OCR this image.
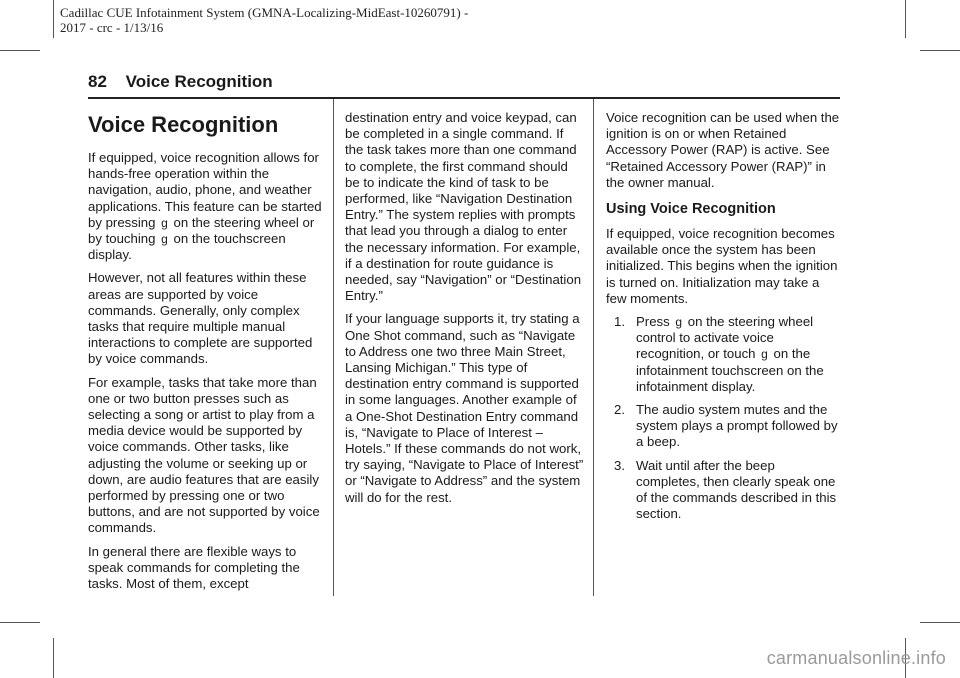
Cadillac CUE Infotainment System (GMNA-Localizing-MidEast-10260791) -
2017 - crc - 1/13/16
82 Voice Recognition
Voice Recognition

If equipped, voice recognition allows for hands-free operation within the navigation, audio, phone, and weather applications. This feature can be started by pressing ɡ on the steering wheel or by touching ɡ on the touchscreen display.

However, not all features within these areas are supported by voice commands. Generally, only complex tasks that require multiple manual interactions to complete are supported by voice commands.

For example, tasks that take more than one or two button presses such as selecting a song or artist to play from a media device would be supported by voice commands. Other tasks, like adjusting the volume or seeking up or down, are audio features that are easily performed by pressing one or two buttons, and are not supported by voice commands.

In general there are flexible ways to speak commands for completing the tasks. Most of them, except

destination entry and voice keypad, can be completed in a single command. If the task takes more than one command to complete, the first command should be to indicate the kind of task to be performed, like “Navigation Destination Entry.” The system replies with prompts that lead you through a dialog to enter the necessary information. For example, if a destination for route guidance is needed, say “Navigation” or “Destination Entry.”

If your language supports it, try stating a One Shot command, such as “Navigate to Address one two three Main Street, Lansing Michigan.” This type of destination entry command is supported in some languages. Another example of a One-Shot Destination Entry command is, “Navigate to Place of Interest – Hotels.” If these commands do not work, try saying, “Navigate to Place of Interest” or “Navigate to Address” and the system will do for the rest.

Voice recognition can be used when the ignition is on or when Retained Accessory Power (RAP) is active. See “Retained Accessory Power (RAP)” in the owner manual.

Using Voice Recognition

If equipped, voice recognition becomes available once the system has been initialized. This begins when the ignition is turned on. Initialization may take a few moments.

1. Press ɡ on the steering wheel control to activate voice recognition, or touch ɡ on the infotainment touchscreen on the infotainment display.
2. The audio system mutes and the system plays a prompt followed by a beep.
3. Wait until after the beep completes, then clearly speak one of the commands described in this section.
carmanualsonline.info
